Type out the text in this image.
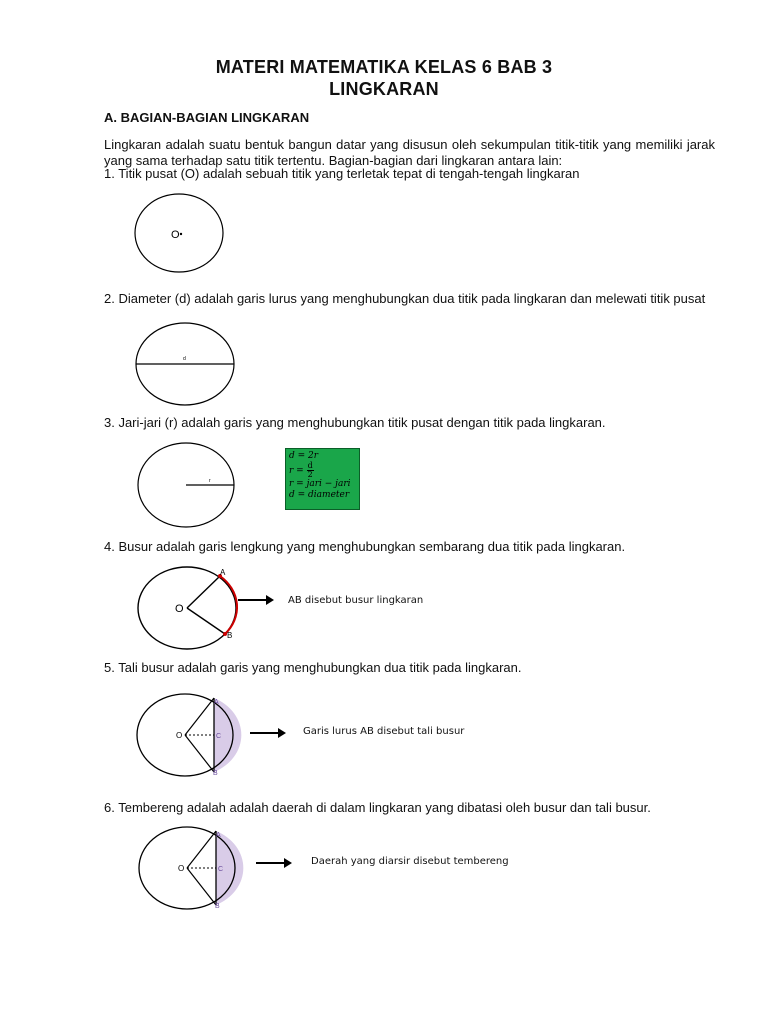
MATERI MATEMATIKA KELAS 6 BAB 3
LINGKARAN
A. BAGIAN-BAGIAN LINGKARAN
Lingkaran adalah suatu bentuk bangun datar yang disusun oleh sekumpulan titik-titik yang memiliki jarak yang sama terhadap satu titik tertentu. Bagian-bagian dari lingkaran antara lain:
1. Titik pusat (O) adalah sebuah titik yang terletak tepat di tengah-tengah lingkaran
O
2. Diameter (d) adalah garis lurus yang menghubungkan dua titik pada lingkaran dan melewati titik pusat
d
3. Jari-jari (r) adalah garis yang menghubungkan titik pusat dengan titik pada lingkaran.
r
d = 2r
$r = \frac{d}{2}$
r = jari − jari
d = diameter
4. Busur adalah garis lengkung yang menghubungkan sembarang dua titik pada lingkaran.
O
A
B
AB disebut busur lingkaran
5. Tali busur adalah garis yang menghubungkan dua titik pada lingkaran.
O
A
C
B
Garis lurus AB disebut tali busur
6. Tembereng adalah adalah daerah di dalam lingkaran yang dibatasi oleh busur dan tali busur.
O
A
C
B
Daerah yang diarsir disebut tembereng
